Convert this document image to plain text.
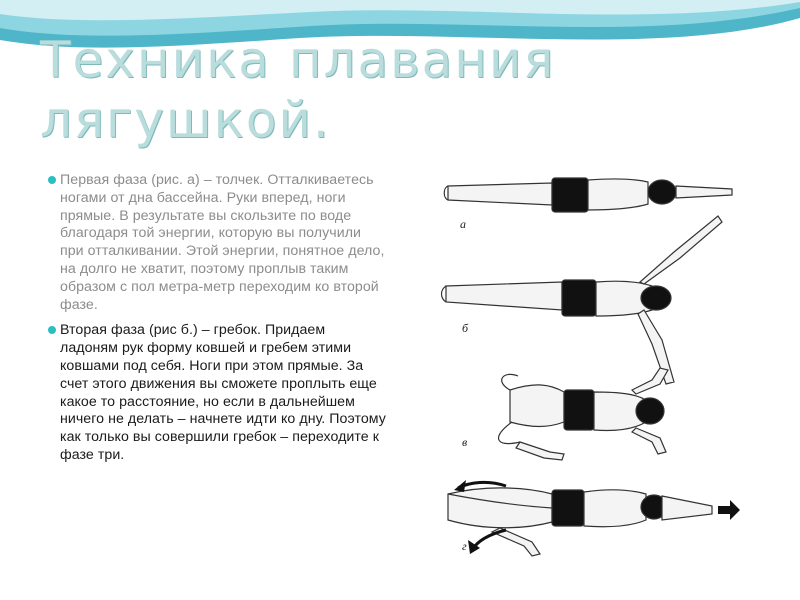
Техника плавания лягушкой.
Первая фаза (рис. а) – толчек. Отталкиваетесь ногами от дна бассейна. Руки вперед, ноги прямые. В результате вы скользите по воде благодаря той энергии, которую вы получили при отталкивании. Этой энергии, понятное дело, на долго не хватит, поэтому проплыв таким образом с пол метра-метр переходим ко второй фазе.
Вторая фаза (рис б.) – гребок. Придаем ладоням рук форму ковшей и гребем этими ковшами под себя. Ноги при этом прямые. За счет этого движения вы сможете проплыть еще какое то расстояние, но если в дальнейшем ничего не делать – начнете идти ко дну. Поэтому как только вы совершили гребок – переходите к фазе три.
а
б
в
г
